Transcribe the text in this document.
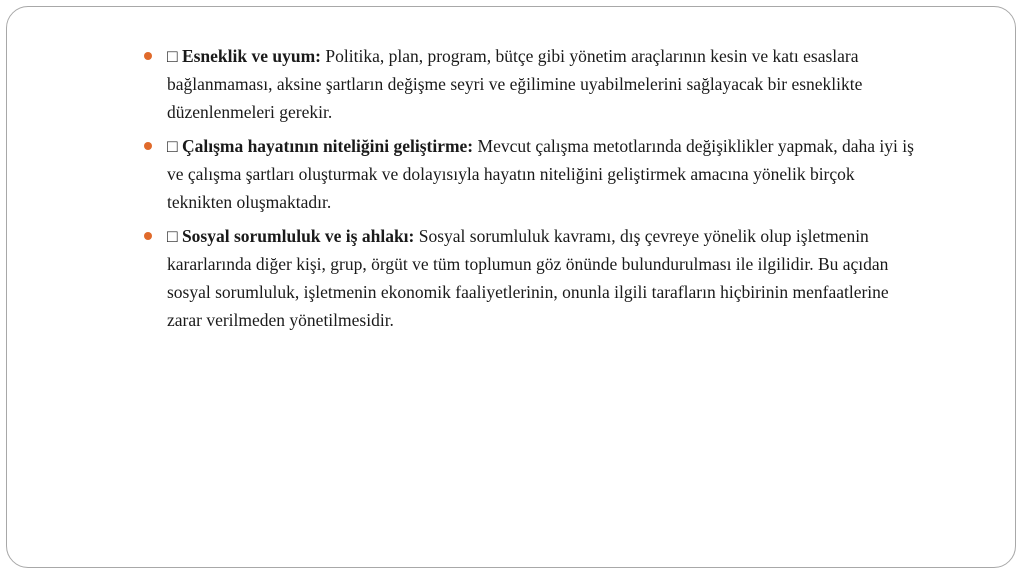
□ Esneklik ve uyum: Politika, plan, program, bütçe gibi yönetim araçlarının kesin ve katı esaslara bağlanmaması, aksine şartların değişme seyri ve eğilimine uyabilmelerini sağlayacak bir esneklikte düzenlenmeleri gerekir.
□ Çalışma hayatının niteliğini geliştirme: Mevcut çalışma metotlarında değişiklikler yapmak, daha iyi iş ve çalışma şartları oluşturmak ve dolayısıyla hayatın niteliğini geliştirmek amacına yönelik birçok teknikten oluşmaktadır.
□ Sosyal sorumluluk ve iş ahlakı: Sosyal sorumluluk kavramı, dış çevreye yönelik olup işletmenin kararlarında diğer kişi, grup, örgüt ve tüm toplumun göz önünde bulundurulması ile ilgilidir. Bu açıdan sosyal sorumluluk, işletmenin ekonomik faaliyetlerinin, onunla ilgili tarafların hiçbirinin menfaatlerine zarar verilmeden yönetilmesidir.
